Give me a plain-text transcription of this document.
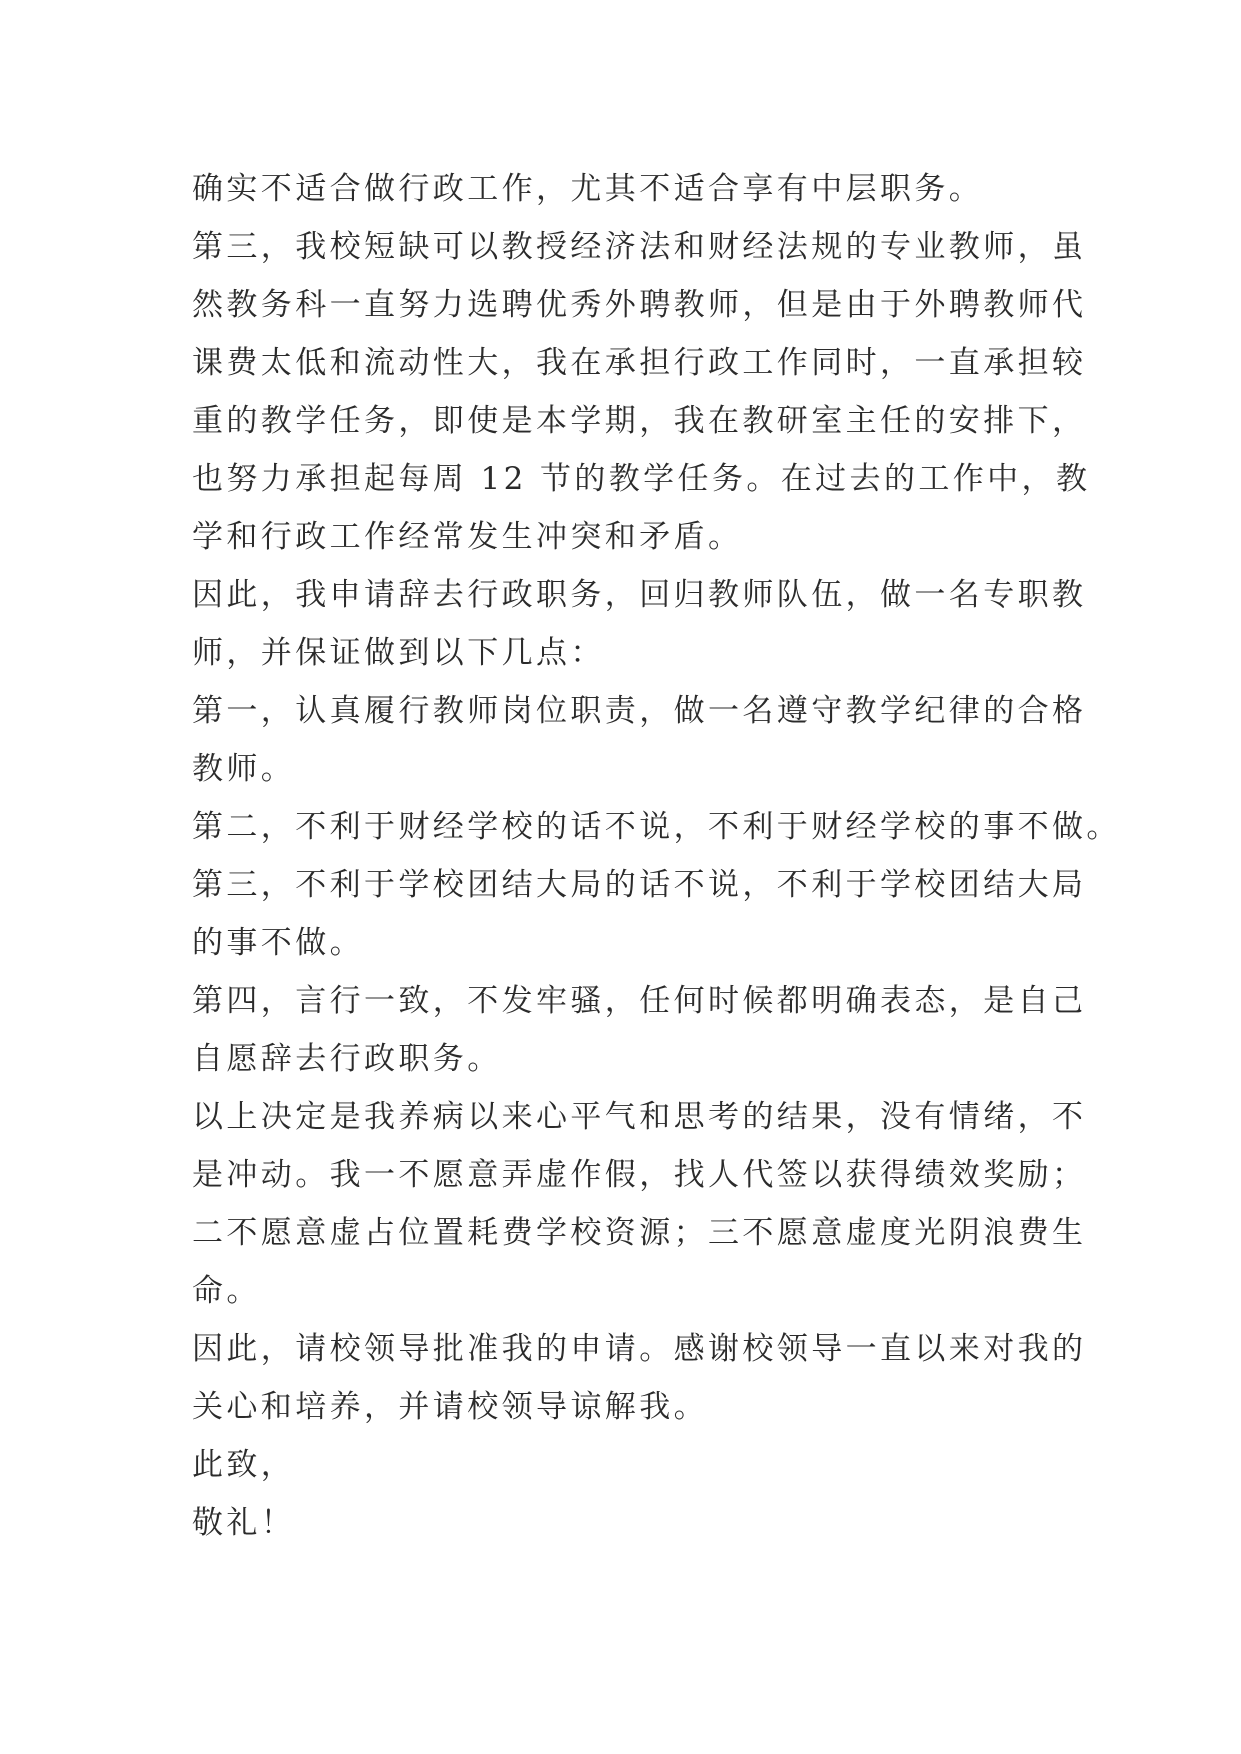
确实不适合做行政工作，尤其不适合享有中层职务。
第三，我校短缺可以教授经济法和财经法规的专业教师，虽
然教务科一直努力选聘优秀外聘教师，但是由于外聘教师代
课费太低和流动性大，我在承担行政工作同时，一直承担较
重的教学任务，即使是本学期，我在教研室主任的安排下，
也努力承担起每周 12 节的教学任务。在过去的工作中，教
学和行政工作经常发生冲突和矛盾。
因此，我申请辞去行政职务，回归教师队伍，做一名专职教
师，并保证做到以下几点：
第一，认真履行教师岗位职责，做一名遵守教学纪律的合格
教师。
第二，不利于财经学校的话不说，不利于财经学校的事不做。
第三，不利于学校团结大局的话不说，不利于学校团结大局
的事不做。
第四，言行一致，不发牢骚，任何时候都明确表态，是自己
自愿辞去行政职务。
以上决定是我养病以来心平气和思考的结果，没有情绪，不
是冲动。我一不愿意弄虚作假，找人代签以获得绩效奖励；
二不愿意虚占位置耗费学校资源；三不愿意虚度光阴浪费生
命。
因此，请校领导批准我的申请。感谢校领导一直以来对我的
关心和培养，并请校领导谅解我。
此致，
敬礼！
